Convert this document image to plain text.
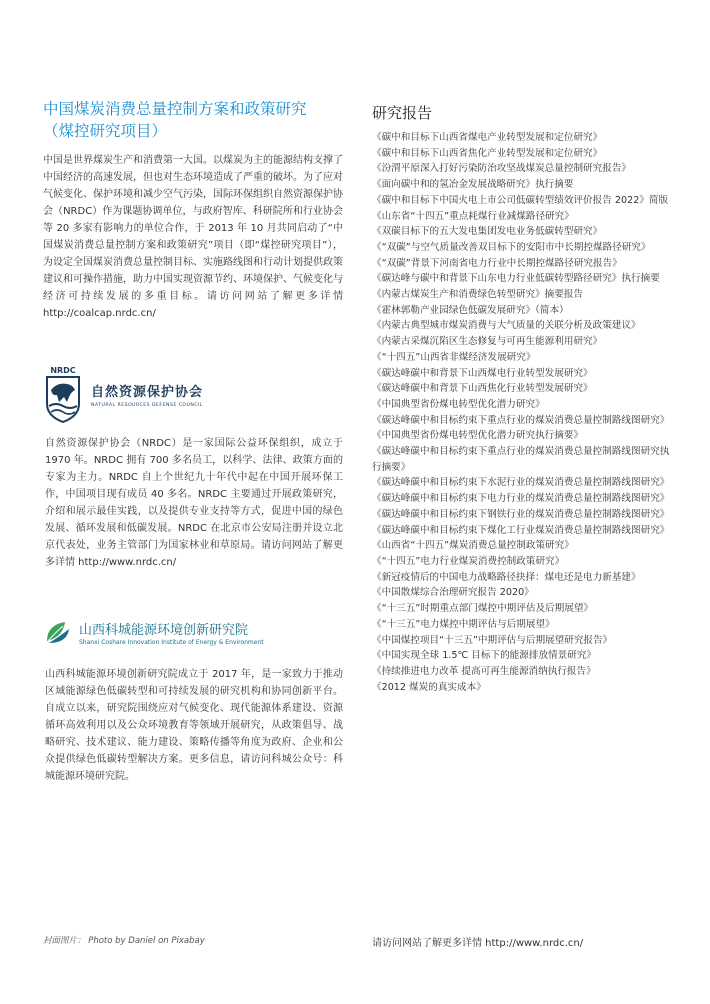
中国煤炭消费总量控制方案和政策研究
（煤控研究项目）

中国是世界煤炭生产和消费第一大国。以煤炭为主的能源结构支撑了中国经济的高速发展，但也对生态环境造成了严重的破坏。为了应对气候变化、保护环境和减少空气污染，国际环保组织自然资源保护协会（NRDC）作为课题协调单位，与政府智库、科研院所和行业协会等 20 多家有影响力的单位合作，于 2013 年 10 月共同启动了“中国煤炭消费总量控制方案和政策研究”项目（即“煤控研究项目”），为设定全国煤炭消费总量控制目标、实施路线图和行动计划提供政策建议和可操作措施，助力中国实现资源节约、环境保护、气候变化与经济可持续发展的多重目标。请访问网站了解更多详情 http://coalcap.nrdc.cn/

NRDC
自然资源保护协会
NATURAL RESOURCES DEFENSE COUNCIL

自然资源保护协会（NRDC）是一家国际公益环保组织，成立于 1970 年。NRDC 拥有 700 多名员工，以科学、法律、政策方面的专家为主力。NRDC 自上个世纪九十年代中起在中国开展环保工作，中国项目现有成员 40 多名。NRDC 主要通过开展政策研究，介绍和展示最佳实践，以及提供专业支持等方式，促进中国的绿色发展、循环发展和低碳发展。NRDC 在北京市公安局注册并设立北京代表处，业务主管部门为国家林业和草原局。请访问网站了解更多详情 http://www.nrdc.cn/

山西科城能源环境创新研究院
Shanxi Coshare Innovation Institute of Energy & Environment

山西科城能源环境创新研究院成立于 2017 年，是一家致力于推动区域能源绿色低碳转型和可持续发展的研究机构和协同创新平台。自成立以来，研究院围绕应对气候变化、现代能源体系建设、资源循环高效利用以及公众环境教育等领域开展研究，从政策倡导、战略研究、技术建议、能力建设、策略传播等角度为政府、企业和公众提供绿色低碳转型解决方案。更多信息，请访问科城公众号：科城能源环境研究院。

封面图片： Photo by Daniel on Pixabay
研究报告
《碳中和目标下山西省煤电产业转型发展和定位研究》
《碳中和目标下山西省焦化产业转型发展和定位研究》
《汾渭平原深入打好污染防治攻坚战煤炭总量控制研究报告》
《面向碳中和的氢冶金发展战略研究》执行摘要
《碳中和目标下中国火电上市公司低碳转型绩效评价报告 2022》简版
《山东省“十四五”重点耗煤行业减煤路径研究》
《双碳目标下的五大发电集团发电业务低碳转型研究》
《“双碳”与空气质量改善双目标下的安阳市中长期控煤路径研究》
《“双碳”背景下河南省电力行业中长期控煤路径研究报告》
《碳达峰与碳中和背景下山东电力行业低碳转型路径研究》执行摘要
《内蒙古煤炭生产和消费绿色转型研究》摘要报告
《霍林郭勒产业园绿色低碳发展研究》（简本）
《内蒙古典型城市煤炭消费与大气质量的关联分析及政策建议》
《内蒙古采煤沉陷区生态修复与可再生能源利用研究》
《“十四五”山西省非煤经济发展研究》
《碳达峰碳中和背景下山西煤电行业转型发展研究》
《碳达峰碳中和背景下山西焦化行业转型发展研究》
《中国典型省份煤电转型优化潜力研究》
《碳达峰碳中和目标约束下重点行业的煤炭消费总量控制路线图研究》
《中国典型省份煤电转型优化潜力研究执行摘要》
《碳达峰碳中和目标约束下重点行业的煤炭消费总量控制路线图研究执行摘要》
《碳达峰碳中和目标约束下水泥行业的煤炭消费总量控制路线图研究》
《碳达峰碳中和目标约束下电力行业的煤炭消费总量控制路线图研究》
《碳达峰碳中和目标约束下钢铁行业的煤炭消费总量控制路线图研究》
《碳达峰碳中和目标约束下煤化工行业煤炭消费总量控制路线图研究》
《山西省“十四五”煤炭消费总量控制政策研究》
《“十四五”电力行业煤炭消费控制政策研究》
《新冠疫情后的中国电力战略路径抉择：煤电还是电力新基建》
《中国散煤综合治理研究报告 2020》
《“十三五”时期重点部门煤控中期评估及后期展望》
《“十三五”电力煤控中期评估与后期展望》
《中国煤控项目“十三五”中期评估与后期展望研究报告》
《中国实现全球 1.5℃ 目标下的能源排放情景研究》
《持续推进电力改革 提高可再生能源消纳执行报告》
《2012 煤炭的真实成本》
请访问网站了解更多详情 http://www.nrdc.cn/
